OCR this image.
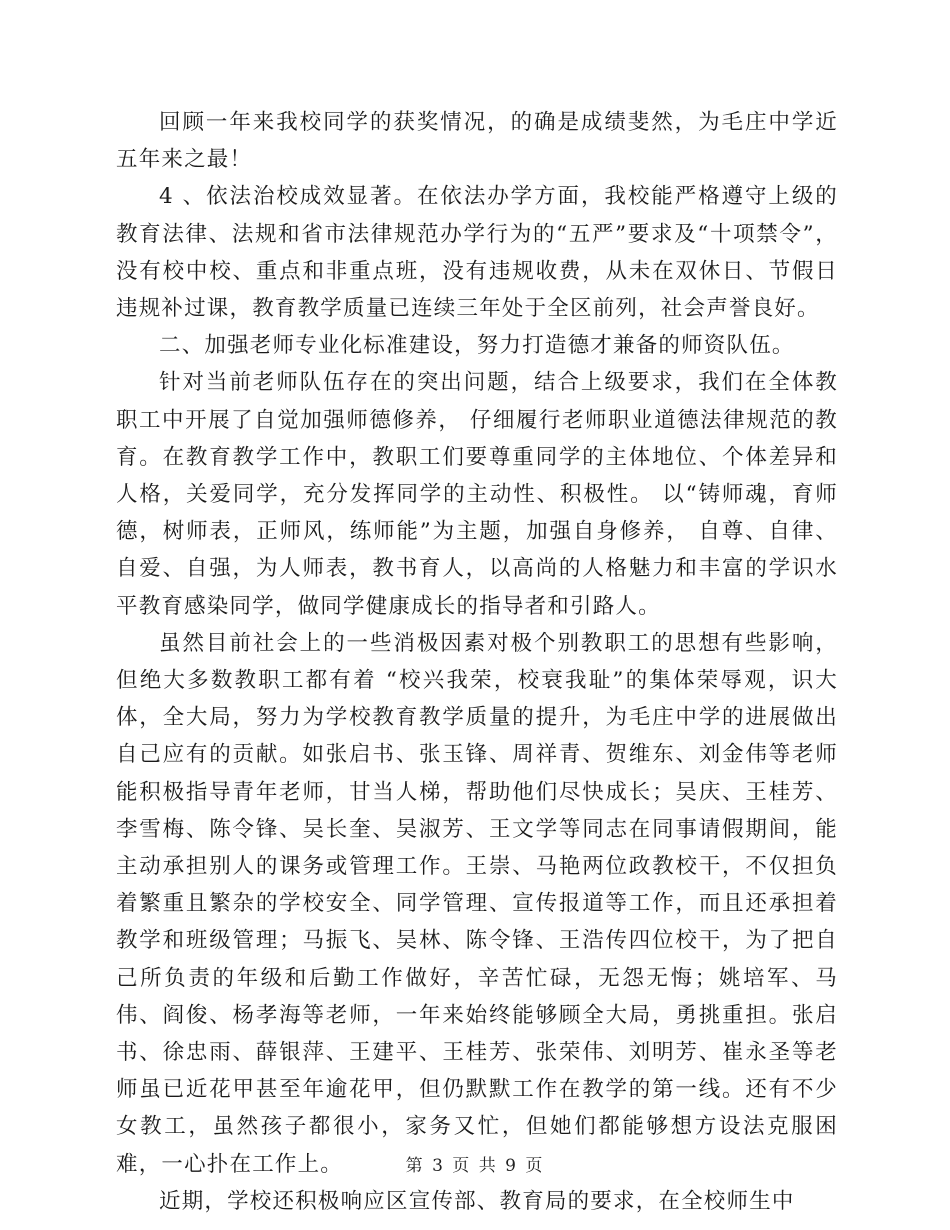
回顾一年来我校同学的获奖情况，的确是成绩斐然，为毛庄中学近五年来之最！

4 、依法治校成效显著。在依法办学方面，我校能严格遵守上级的教育法律、法规和省市法律规范办学行为的“五严”要求及“十项禁令”，没有校中校、重点和非重点班，没有违规收费，从未在双休日、节假日违规补过课，教育教学质量已连续三年处于全区前列，社会声誉良好。

二、加强老师专业化标准建设，努力打造德才兼备的师资队伍。

针对当前老师队伍存在的突出问题，结合上级要求，我们在全体教职工中开展了自觉加强师德修养， 仔细履行老师职业道德法律规范的教育。在教育教学工作中，教职工们要尊重同学的主体地位、个体差异和人格，关爱同学，充分发挥同学的主动性、积极性。 以“铸师魂，育师德，树师表，正师风，练师能”为主题，加强自身修养， 自尊、自律、自爱、自强，为人师表，教书育人，以高尚的人格魅力和丰富的学识水平教育感染同学，做同学健康成长的指导者和引路人。

虽然目前社会上的一些消极因素对极个别教职工的思想有些影响，但绝大多数教职工都有着 “校兴我荣，校衰我耻”的集体荣辱观，识大体，全大局，努力为学校教育教学质量的提升，为毛庄中学的进展做出自己应有的贡献。如张启书、张玉锋、周祥青、贺维东、刘金伟等老师能积极指导青年老师，甘当人梯，帮助他们尽快成长；吴庆、王桂芳、李雪梅、陈令锋、吴长奎、吴淑芳、王文学等同志在同事请假期间，能主动承担别人的课务或管理工作。王崇、马艳两位政教校干，不仅担负着繁重且繁杂的学校安全、同学管理、宣传报道等工作，而且还承担着教学和班级管理；马振飞、吴林、陈令锋、王浩传四位校干，为了把自己所负责的年级和后勤工作做好，辛苦忙碌，无怨无悔；姚培军、马伟、阎俊、杨孝海等老师，一年来始终能够顾全大局，勇挑重担。张启书、徐忠雨、薛银萍、王建平、王桂芳、张荣伟、刘明芳、崔永圣等老师虽已近花甲甚至年逾花甲，但仍默默工作在教学的第一线。还有不少女教工，虽然孩子都很小，家务又忙，但她们都能够想方设法克服困难，一心扑在工作上。

近期，学校还积极响应区宣传部、教育局的要求，在全校师生中

第 3 页 共 9 页
